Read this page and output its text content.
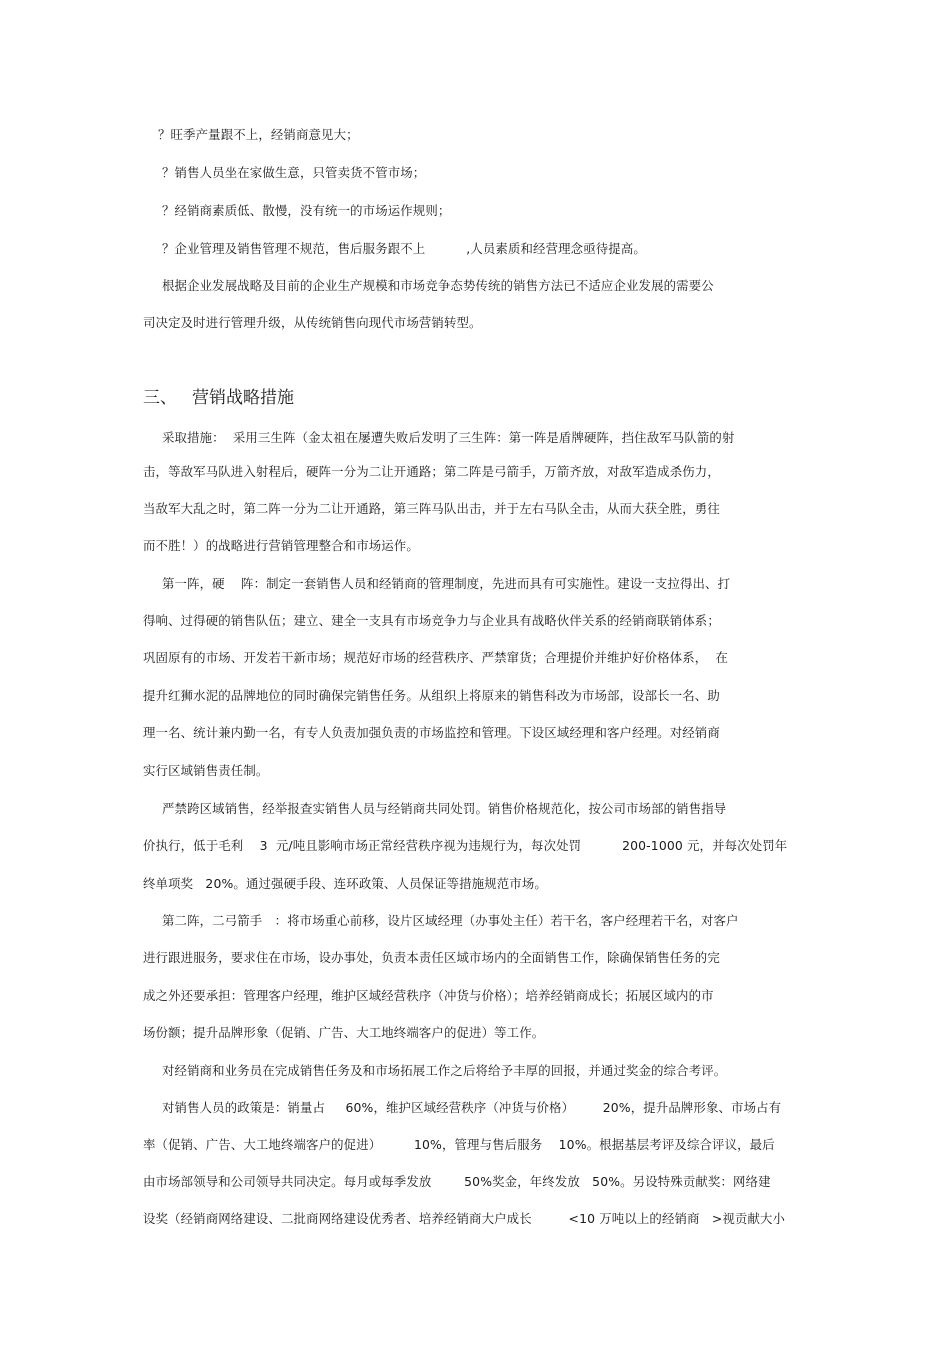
？旺季产量跟不上，经销商意见大；
？销售人员坐在家做生意，只管卖货不管市场；
？经销商素质低、散慢，没有统一的市场运作规则；
？企业管理及销售管理不规范，售后服务跟不上          ,人员素质和经营理念亟待提高。
根据企业发展战略及目前的企业生产规模和市场竞争态势传统的销售方法已不适应企业发展的需要公
司决定及时进行管理升级，从传统销售向现代市场营销转型。
三、 营销战略措施
采取措施：  采用三生阵（金太祖在屡遭失败后发明了三生阵：第一阵是盾牌硬阵，挡住敌军马队箭的射
击，等敌军马队进入射程后，硬阵一分为二让开通路；第二阵是弓箭手，万箭齐放，对敌军造成杀伤力，
当敌军大乱之时，第二阵一分为二让开通路，第三阵马队出击，并于左右马队全击，从而大获全胜，勇往
而不胜！）的战略进行营销管理整合和市场运作。
第一阵，硬    阵：制定一套销售人员和经销商的管理制度，先进而具有可实施性。建设一支拉得出、打
得响、过得硬的销售队伍；建立、建全一支具有市场竞争力与企业具有战略伙伴关系的经销商联销体系；
巩固原有的市场、开发若干新市场；规范好市场的经营秩序、严禁窜货；合理提价并维护好价格体系，  在
提升红狮水泥的品牌地位的同时确保完销售任务。从组织上将原来的销售科改为市场部，设部长一名、助
理一名、统计兼内勤一名，有专人负责加强负责的市场监控和管理。下设区域经理和客户经理。对经销商
实行区域销售责任制。
严禁跨区域销售，经举报查实销售人员与经销商共同处罚。销售价格规范化，按公司市场部的销售指导
价执行，低于毛利    3  元/吨且影响市场正常经营秩序视为违规行为，每次处罚          200-1000 元，并每次处罚年
终单项奖   20%。通过强硬手段、连环政策、人员保证等措施规范市场。
第二阵，二弓箭手   ：将市场重心前移，设片区域经理（办事处主任）若干名，客户经理若干名，对客户
进行跟进服务，要求住在市场，设办事处，负责本责任区域市场内的全面销售工作，除确保销售任务的完
成之外还要承担：管理客户经理，维护区域经营秩序（冲货与价格）；培养经销商成长；拓展区域内的市
场份额；提升品牌形象（促销、广告、大工地终端客户的促进）等工作。
对经销商和业务员在完成销售任务及和市场拓展工作之后将给予丰厚的回报，并通过奖金的综合考评。
对销售人员的政策是：销量占     60%，维护区域经营秩序（冲货与价格）       20%，提升品牌形象、市场占有
率（促销、广告、大工地终端客户的促进）        10%，管理与售后服务    10%。根据基层考评及综合评议，最后
由市场部领导和公司领导共同决定。每月或每季发放        50%奖金，年终发放   50%。另设特殊贡献奖：网络建
设奖（经销商网络建设、二批商网络建设优秀者、培养经销商大户成长         <10 万吨以上的经销商   >视贡献大小
